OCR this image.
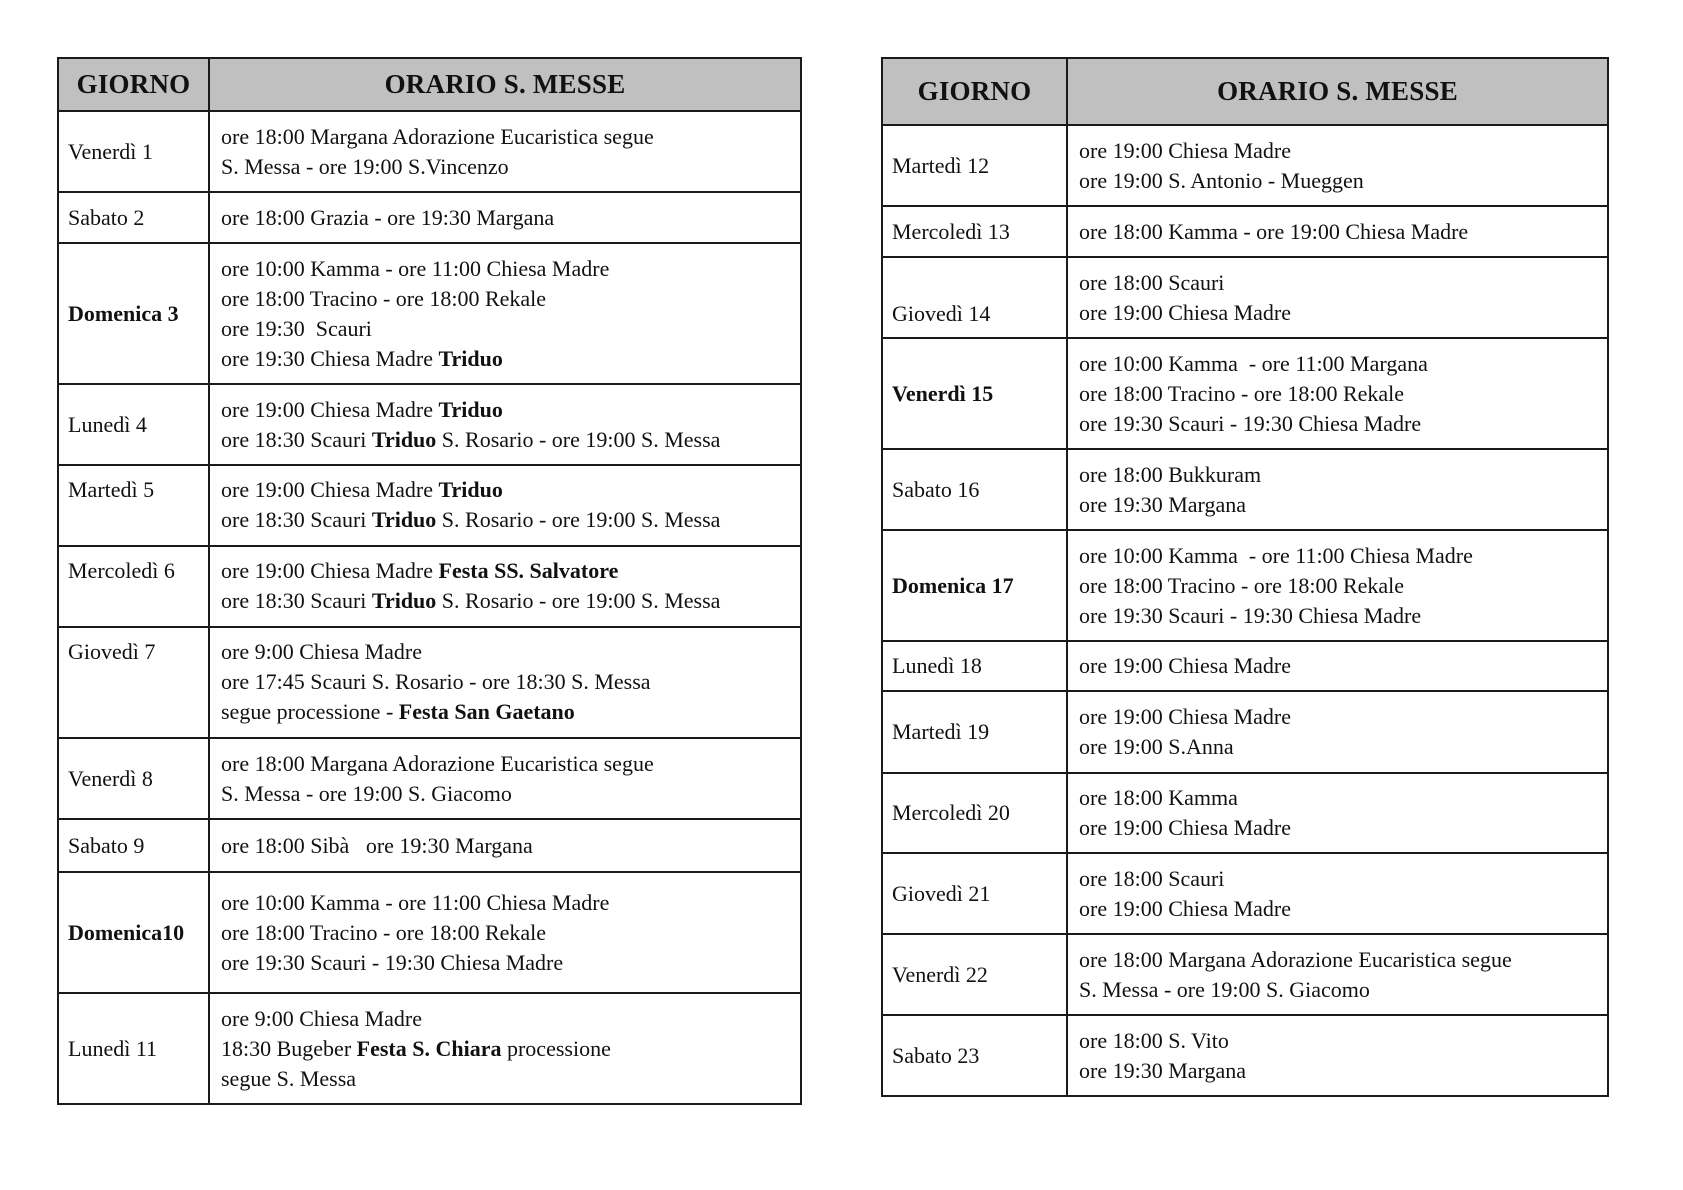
GIORNO	ORARIO S. MESSE
Venerdì 1	ore 18:00 Margana Adorazione Eucaristica segue
S. Messa - ore 19:00 S.Vincenzo

Sabato 2	ore 18:00 Grazia - ore 19:30 Margana

Domenica 3	ore 10:00 Kamma - ore 11:00 Chiesa Madre
ore 18:00 Tracino - ore 18:00 Rekale
ore 19:30  Scauri
ore 19:30 Chiesa Madre Triduo

Lunedì 4	ore 19:00 Chiesa Madre Triduo
ore 18:30 Scauri Triduo S. Rosario - ore 19:00 S. Messa

Martedì 5	ore 19:00 Chiesa Madre Triduo
ore 18:30 Scauri Triduo S. Rosario - ore 19:00 S. Messa

Mercoledì 6	ore 19:00 Chiesa Madre Festa SS. Salvatore
ore 18:30 Scauri Triduo S. Rosario - ore 19:00 S. Messa

Giovedì 7	ore 9:00 Chiesa Madre
ore 17:45 Scauri S. Rosario - ore 18:30 S. Messa
segue processione - Festa San Gaetano

Venerdì 8	ore 18:00 Margana Adorazione Eucaristica segue
S. Messa - ore 19:00 S. Giacomo

Sabato 9	ore 18:00 Sibà   ore 19:30 Margana

Domenica10	ore 10:00 Kamma - ore 11:00 Chiesa Madre
ore 18:00 Tracino - ore 18:00 Rekale
ore 19:30 Scauri - 19:30 Chiesa Madre

Lunedì 11	ore 9:00 Chiesa Madre
18:30 Bugeber Festa S. Chiara processione
segue S. Messa
GIORNO	ORARIO S. MESSE
Martedì 12	ore 19:00 Chiesa Madre
ore 19:00 S. Antonio - Mueggen

Mercoledì 13	ore 18:00 Kamma - ore 19:00 Chiesa Madre

Giovedì 14	ore 18:00 Scauri
ore 19:00 Chiesa Madre

Venerdì 15	ore 10:00 Kamma  - ore 11:00 Margana
ore 18:00 Tracino - ore 18:00 Rekale
ore 19:30 Scauri - 19:30 Chiesa Madre

Sabato 16	ore 18:00 Bukkuram
ore 19:30 Margana

Domenica 17	ore 10:00 Kamma  - ore 11:00 Chiesa Madre
ore 18:00 Tracino - ore 18:00 Rekale
ore 19:30 Scauri - 19:30 Chiesa Madre

Lunedì 18	ore 19:00 Chiesa Madre

Martedì 19	ore 19:00 Chiesa Madre
ore 19:00 S.Anna

Mercoledì 20	ore 18:00 Kamma
ore 19:00 Chiesa Madre

Giovedì 21	ore 18:00 Scauri
ore 19:00 Chiesa Madre

Venerdì 22	ore 18:00 Margana Adorazione Eucaristica segue
S. Messa - ore 19:00 S. Giacomo

Sabato 23	ore 18:00 S. Vito
ore 19:30 Margana
